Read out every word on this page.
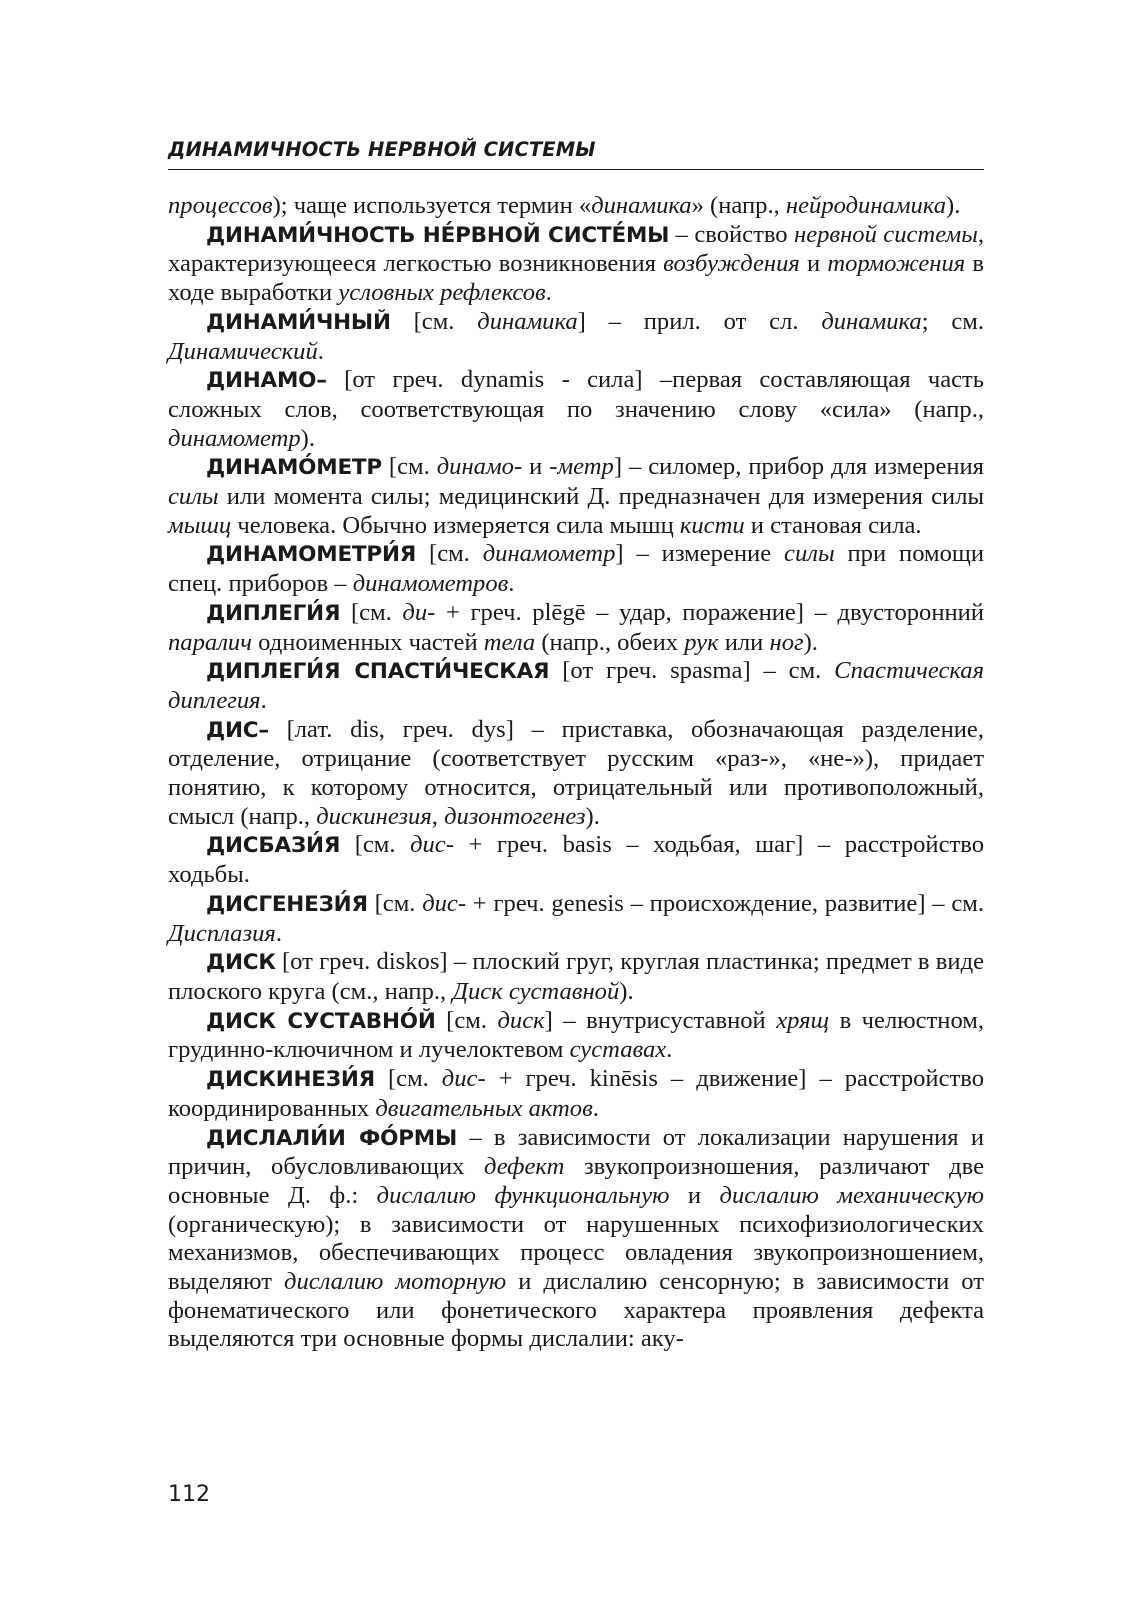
ДИНАМИЧНОСТЬ НЕРВНОЙ СИСТЕМЫ

процессов); чаще используется термин «динамика» (напр., нейродинамика).

ДИНАМИ́ЧНОСТЬ НЕ́РВНОЙ СИСТЕ́МЫ – свойство нервной системы, характеризующееся легкостью возникновения возбуждения и торможения в ходе выработки условных рефлексов.

ДИНАМИ́ЧНЫЙ [см. динамика] – прил. от сл. динамика; см. Динамический.

ДИНАМО– [от греч. dynamis - сила] –первая составляющая часть сложных слов, соответствующая по значению слову «сила» (напр., динамометр).

ДИНАМО́МЕТР [см. динамо- и -метр] – силомер, прибор для измерения силы или момента силы; медицинский Д. предназначен для измерения силы мышц человека. Обычно измеряется сила мышц кисти и становая сила.

ДИНАМОМЕТРИ́Я [см. динамометр] – измерение силы при помощи спец. приборов – динамометров.

ДИПЛЕГИ́Я [см. ди- + греч. plēgē – удар, поражение] – двусторонний паралич одноименных частей тела (напр., обеих рук или ног).

ДИПЛЕГИ́Я СПАСТИ́ЧЕСКАЯ [от греч. spasma] – см. Спастическая диплегия.

ДИС– [лат. dis, греч. dys] – приставка, обозначающая разделение, отделение, отрицание (соответствует русским «раз-», «не-»), придает понятию, к которому относится, отрицательный или противоположный, смысл (напр., дискинезия, дизонтогенез).

ДИСБАЗИ́Я [см. дис- + греч. basis – ходьбая, шаг] – расстройство ходьбы.

ДИСГЕНЕЗИ́Я [см. дис- + греч. genesis – происхождение, развитие] – см. Дисплазия.

ДИСК [от греч. diskos] – плоский груг, круглая пластинка; предмет в виде плоского круга (см., напр., Диск суставной).

ДИСК СУСТАВНО́Й [см. диск] – внутрисуставной хрящ в челюстном, грудинно-ключичном и лучелоктевом суставах.

ДИСКИНЕЗИ́Я [см. дис- + греч. kinēsis – движение] – расстройство координированных двигательных актов.

ДИСЛАЛИ́И ФО́РМЫ – в зависимости от локализации нарушения и причин, обусловливающих дефект звукопроизношения, различают две основные Д. ф.: дислалию функциональную и дислалию механическую (органическую); в зависимости от нарушенных психофизиологических механизмов, обеспечивающих процесс овладения звукопроизношением, выделяют дислалию моторную и дислалию сенсорную; в зависимости от фонематического или фонетического характера проявления дефекта выделяются три основные формы дислалии: аку-

112
